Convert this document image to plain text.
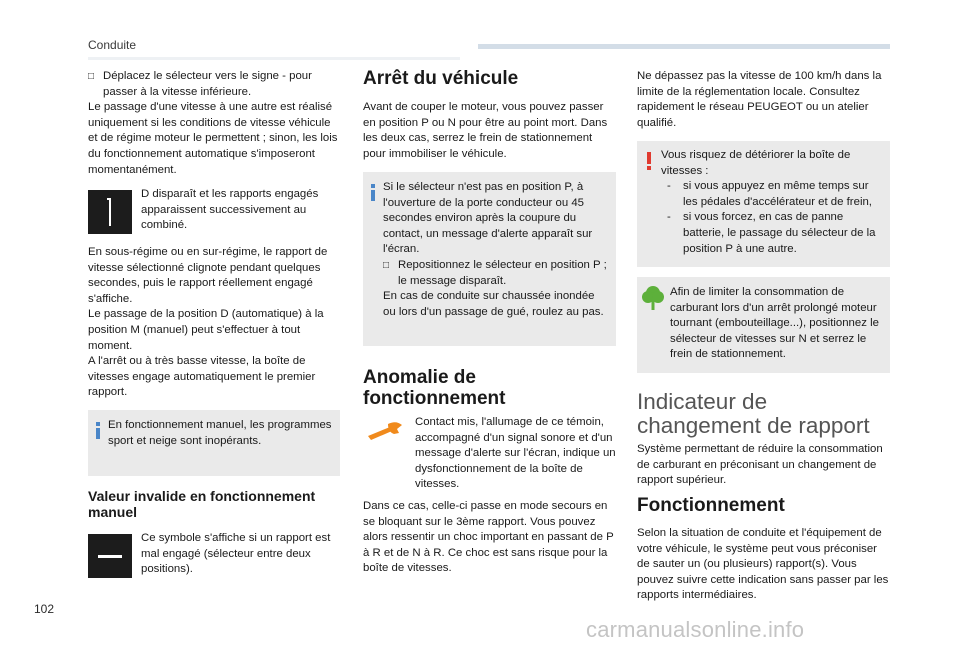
Conduite
□ Déplacez le sélecteur vers le signe - pour passer à la vitesse inférieure.

Le passage d'une vitesse à une autre est réalisé uniquement si les conditions de vitesse véhicule et de régime moteur le permettent ; sinon, les lois du fonctionnement automatique s'imposeront momentanément.

D disparaît et les rapports engagés apparaissent successivement au combiné.

En sous-régime ou en sur-régime, le rapport de vitesse sélectionné clignote pendant quelques secondes, puis le rapport réellement engagé s'affiche.

Le passage de la position D (automatique) à la position M (manuel) peut s'effectuer à tout moment.

A l'arrêt ou à très basse vitesse, la boîte de vitesses engage automatiquement le premier rapport.

En fonctionnement manuel, les programmes sport et neige sont inopérants.
Valeur invalide en fonctionnement manuel
Ce symbole s'affiche si un rapport est mal engagé (sélecteur entre deux positions).
Arrêt du véhicule
Avant de couper le moteur, vous pouvez passer en position P ou N pour être au point mort. Dans les deux cas, serrez le frein de stationnement pour immobiliser le véhicule.

Si le sélecteur n'est pas en position P, à l'ouverture de la porte conducteur ou 45 secondes environ après la coupure du contact, un message d'alerte apparaît sur l'écran.

□ Repositionnez le sélecteur en position P ; le message disparaît.

En cas de conduite sur chaussée inondée ou lors d'un passage de gué, roulez au pas.

Anomalie de fonctionnement
Contact mis, l'allumage de ce témoin, accompagné d'un signal sonore et d'un message d'alerte sur l'écran, indique un dysfonctionnement de la boîte de vitesses.
Dans ce cas, celle-ci passe en mode secours en se bloquant sur le 3ème rapport. Vous pouvez alors ressentir un choc important en passant de P à R et de N à R. Ce choc est sans risque pour la boîte de vitesses.
Ne dépassez pas la vitesse de 100 km/h dans la limite de la réglementation locale. Consultez rapidement le réseau PEUGEOT ou un atelier qualifié.

Vous risquez de détériorer la boîte de vitesses :

- si vous appuyez en même temps sur les pédales d'accélérateur et de frein,
- si vous forcez, en cas de panne batterie, le passage du sélecteur de la position P à une autre.
Afin de limiter la consommation de carburant lors d'un arrêt prolongé moteur tournant (embouteillage...), positionnez le sélecteur de vitesses sur N et serrez le frein de stationnement.
Indicateur de changement de rapport
Système permettant de réduire la consommation de carburant en préconisant un changement de rapport supérieur.
Fonctionnement
Selon la situation de conduite et l'équipement de votre véhicule, le système peut vous préconiser de sauter un (ou plusieurs) rapport(s). Vous pouvez suivre cette indication sans passer par les rapports intermédiaires.
102
carmanualsonline.info
